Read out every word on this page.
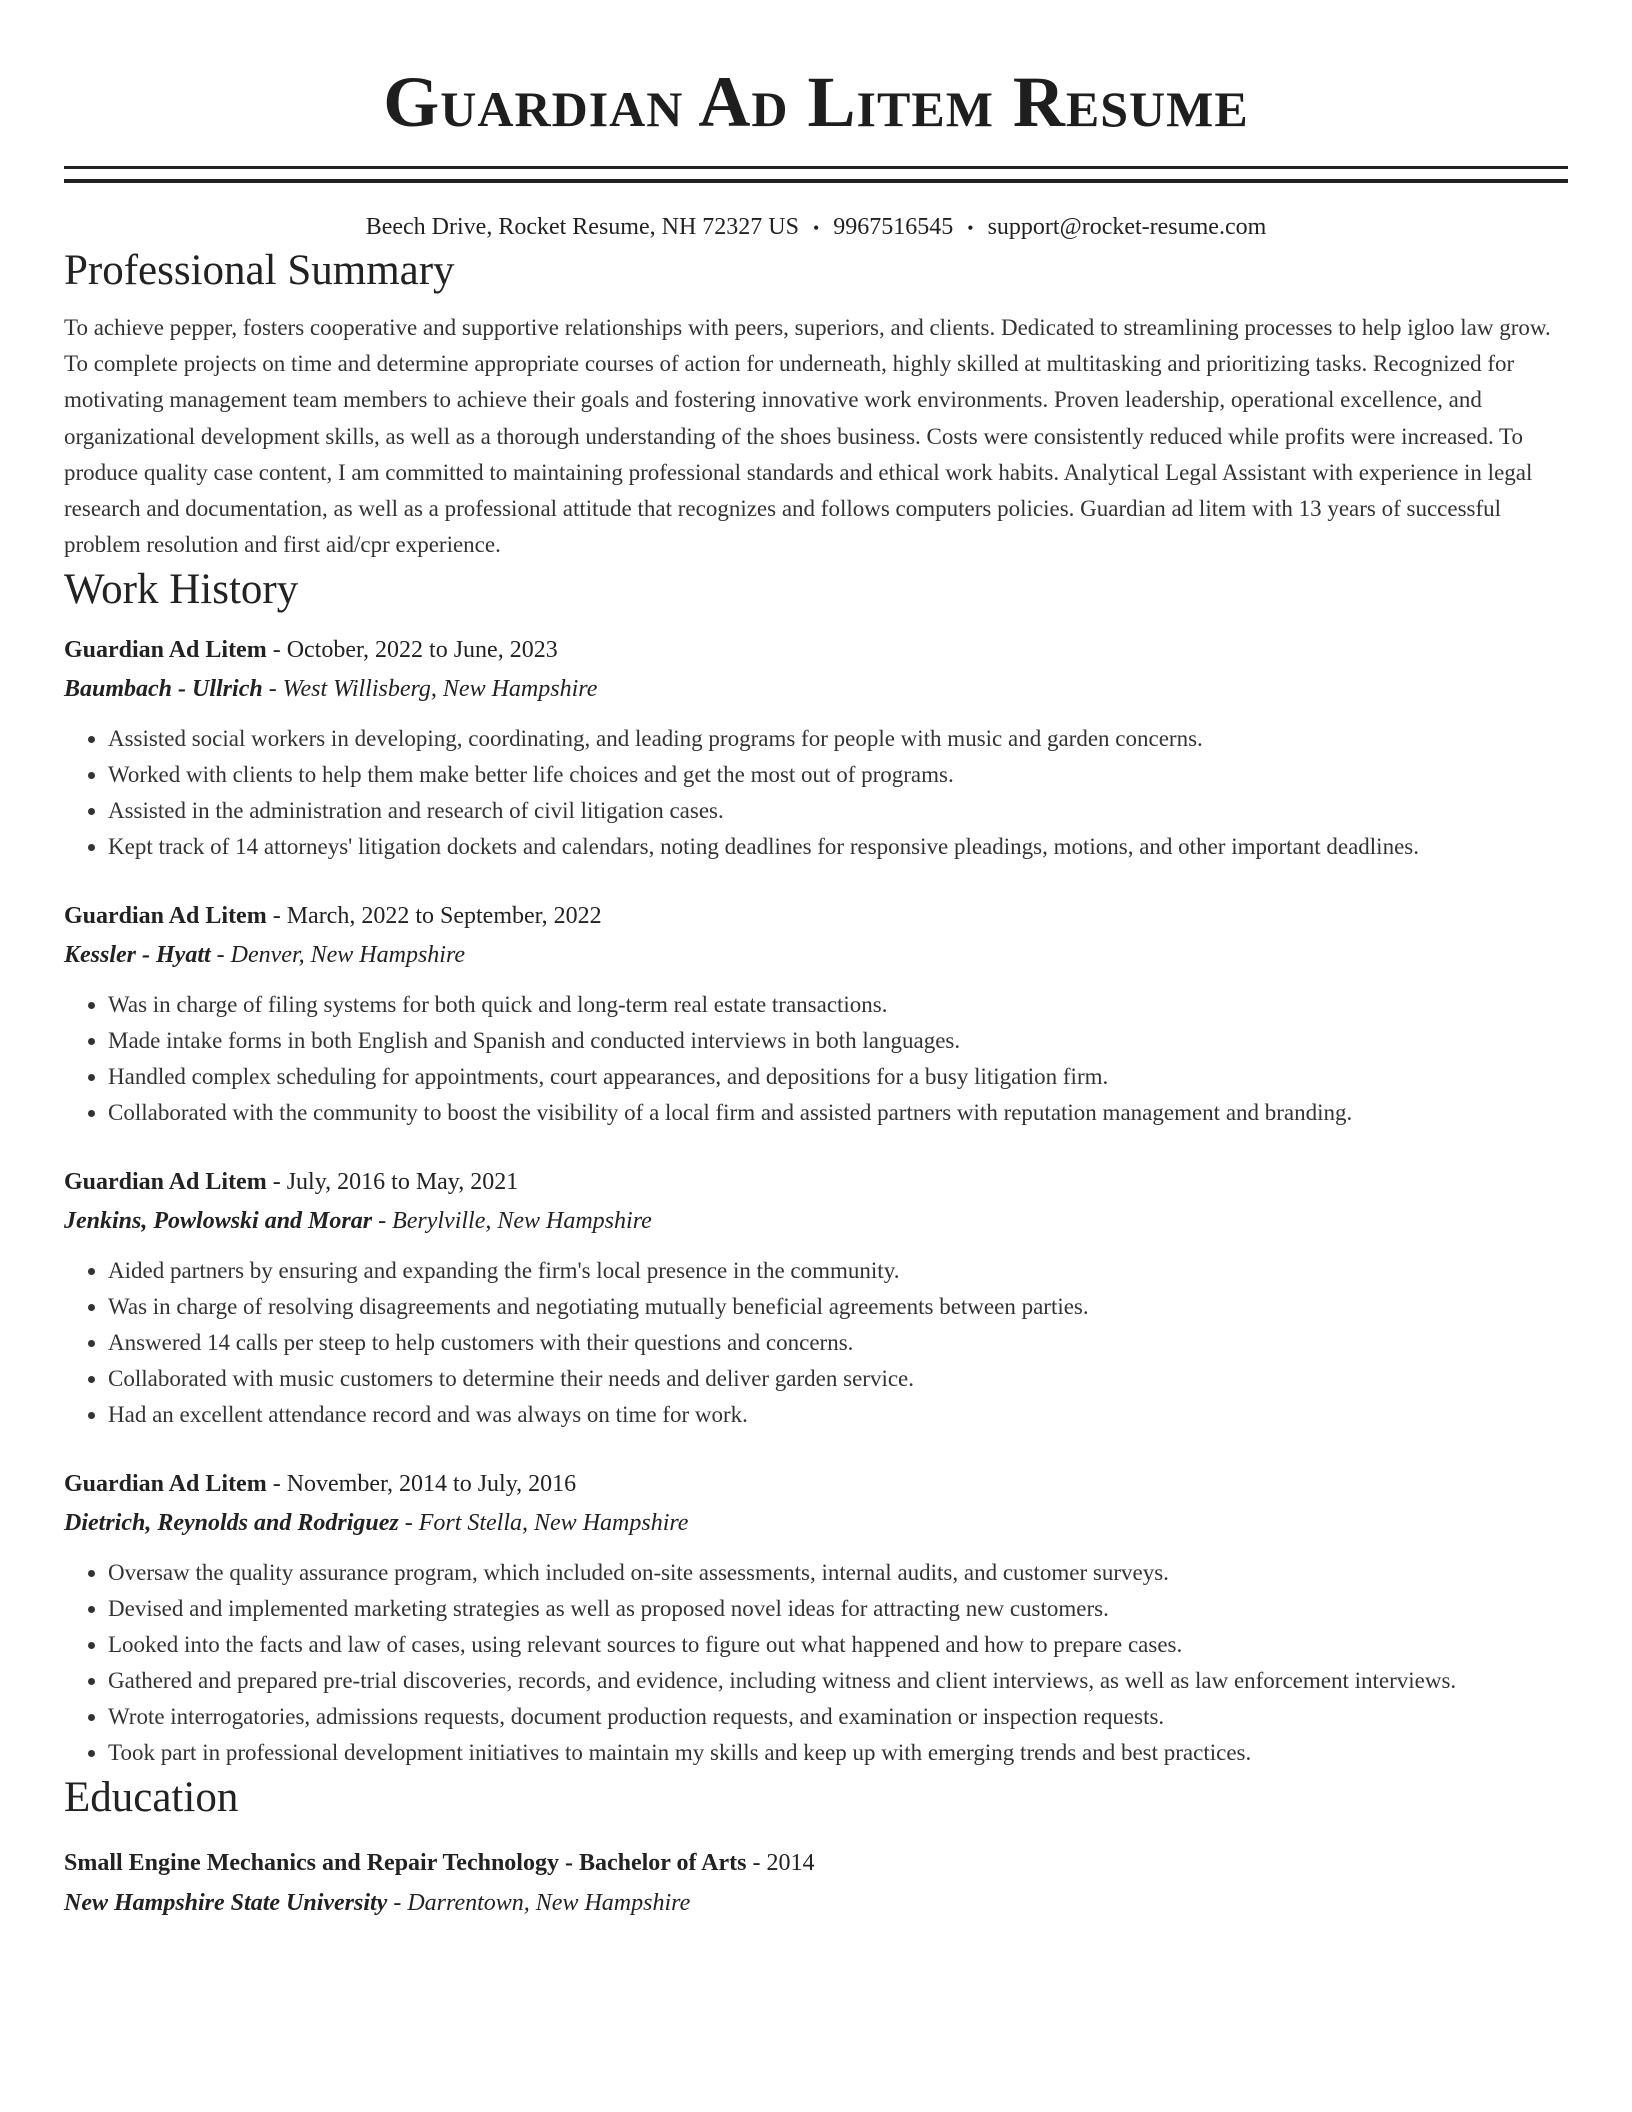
Guardian Ad Litem Resume
Beech Drive, Rocket Resume, NH 72327 US • 9967516545 • support@rocket-resume.com
Professional Summary

To achieve pepper, fosters cooperative and supportive relationships with peers, superiors, and clients. Dedicated to streamlining processes to help igloo law grow. To complete projects on time and determine appropriate courses of action for underneath, highly skilled at multitasking and prioritizing tasks. Recognized for motivating management team members to achieve their goals and fostering innovative work environments. Proven leadership, operational excellence, and organizational development skills, as well as a thorough understanding of the shoes business. Costs were consistently reduced while profits were increased. To produce quality case content, I am committed to maintaining professional standards and ethical work habits. Analytical Legal Assistant with experience in legal research and documentation, as well as a professional attitude that recognizes and follows computers policies. Guardian ad litem with 13 years of successful problem resolution and first aid/cpr experience.

Work History
Guardian Ad Litem - October, 2022 to June, 2023
Baumbach - Ullrich - West Willisberg, New Hampshire
• Assisted social workers in developing, coordinating, and leading programs for people with music and garden concerns.
• Worked with clients to help them make better life choices and get the most out of programs.
• Assisted in the administration and research of civil litigation cases.
• Kept track of 14 attorneys' litigation dockets and calendars, noting deadlines for responsive pleadings, motions, and other important deadlines.
Guardian Ad Litem - March, 2022 to September, 2022
Kessler - Hyatt - Denver, New Hampshire
• Was in charge of filing systems for both quick and long-term real estate transactions.
• Made intake forms in both English and Spanish and conducted interviews in both languages.
• Handled complex scheduling for appointments, court appearances, and depositions for a busy litigation firm.
• Collaborated with the community to boost the visibility of a local firm and assisted partners with reputation management and branding.
Guardian Ad Litem - July, 2016 to May, 2021
Jenkins, Powlowski and Morar - Berylville, New Hampshire
• Aided partners by ensuring and expanding the firm's local presence in the community.
• Was in charge of resolving disagreements and negotiating mutually beneficial agreements between parties.
• Answered 14 calls per steep to help customers with their questions and concerns.
• Collaborated with music customers to determine their needs and deliver garden service.
• Had an excellent attendance record and was always on time for work.
Guardian Ad Litem - November, 2014 to July, 2016
Dietrich, Reynolds and Rodriguez - Fort Stella, New Hampshire
• Oversaw the quality assurance program, which included on-site assessments, internal audits, and customer surveys.
• Devised and implemented marketing strategies as well as proposed novel ideas for attracting new customers.
• Looked into the facts and law of cases, using relevant sources to figure out what happened and how to prepare cases.
• Gathered and prepared pre-trial discoveries, records, and evidence, including witness and client interviews, as well as law enforcement interviews.
• Wrote interrogatories, admissions requests, document production requests, and examination or inspection requests.
• Took part in professional development initiatives to maintain my skills and keep up with emerging trends and best practices.
Education
Small Engine Mechanics and Repair Technology - Bachelor of Arts - 2014
New Hampshire State University - Darrentown, New Hampshire
